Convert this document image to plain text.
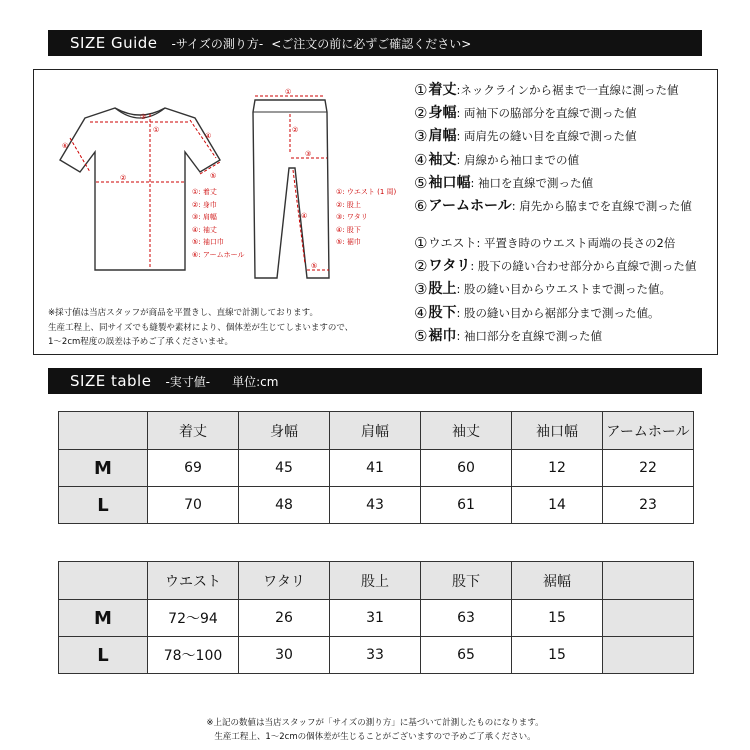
SIZE Guide -サイズの測り方- <ご注文の前に必ずご確認ください>
①
②
③
④
⑤
⑥
①: 着丈
②: 身巾
③: 肩幅
④: 袖丈
⑤: 袖口巾
⑥: アームホール
①
②
③
④
⑤
①: ウエスト (1 周)
②: 股上
③: ワタリ
④: 股下
⑤: 裾巾
※採寸値は当店スタッフが商品を平置きし、直線で計測しております。
生産工程上、同サイズでも縫製や素材により、個体差が生じてしまいますので、
1〜2cm程度の誤差は予めご了承くださいませ。
① 着丈 :ネックラインから裾まで一直線に測った値
② 身幅 : 両袖下の脇部分を直線で測った値
③ 肩幅 : 両肩先の縫い目を直線で測った値
④ 袖丈 : 肩線から袖口までの値
⑤ 袖口幅 : 袖口を直線で測った値
⑥ アームホール : 肩先から脇までを直線で測った値
① ウエスト : 平置き時のウエスト両端の長さの2倍
② ワタリ : 股下の縫い合わせ部分から直線で測った値
③ 股上 : 股の縫い目からウエストまで測った値。
④ 股下 : 股の縫い目から裾部分まで測った値。
⑤ 裾巾 : 袖口部分を直線で測った値
SIZE table -実寸値- 単位:cm
	着丈	身幅	肩幅	袖丈	袖口幅	アームホール
M	69	45	41	60	12	22
L	70	48	43	61	14	23
	ウエスト	ワタリ	股上	股下	裾幅	
M	72〜94	26	31	63	15	
L	78〜100	30	33	65	15	
※上記の数値は当店スタッフが「サイズの測り方」に基づいて計測したものになります。
生産工程上、1〜2cmの個体差が生じることがございますので予めご了承ください。
